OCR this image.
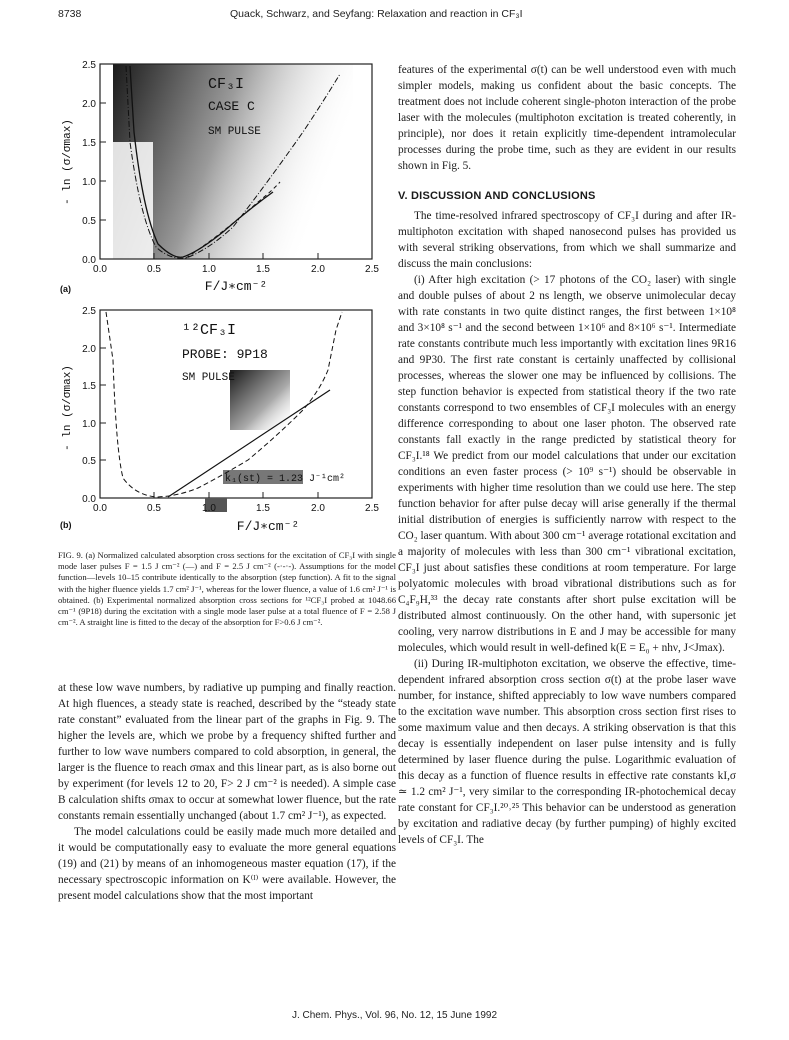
8738	Quack, Schwarz, and Seyfang: Relaxation and reaction in CF₃I
CF₃I
CASE C
SM PULSE
2.5
2.0
1.5
1.0
0.5
0.0
0.0	0.5	1.0	1.5	2.0	2.5
F/J∗cm⁻²
- ln (σ/σmax)
(a)
¹²CF₃I
PROBE: 9P18
SM PULSE
k₁(st) = 1.23 J⁻¹cm²
2.5
2.0
1.5
1.0
0.5
0.0
0.0	0.5	1.0	1.5	2.0	2.5
F/J∗cm⁻²
- ln (σ/σmax)
(b)
FIG. 9. (a) Normalized calculated absorption cross sections for the excitation of CF₃I with single mode laser pulses F = 1.5 J cm⁻² (—) and F = 2.5 J cm⁻² (-·-·-). Assumptions for the model function—levels 10–15 contribute identically to the absorption (step function). A fit to the signal with the higher fluence yields 1.7 cm² J⁻¹, whereas for the lower fluence, a value of 1.6 cm² J⁻¹ is obtained. (b) Experimental normalized absorption cross sections for ¹²CF₃I probed at 1048.66 cm⁻¹ (9P18) during the excitation with a single mode laser pulse at a total fluence of F = 2.58 J cm⁻². A straight line is fitted to the decay of the absorption for F>0.6 J cm⁻².

at these low wave numbers, by radiative up pumping and finally reaction. At high fluences, a steady state is reached, described by the “steady state rate constant” evaluated from the linear part of the graphs in Fig. 9. The higher the levels are, which we probe by a frequency shifted further and further to low wave numbers compared to cold absorption, in general, the larger is the fluence to reach σmax and this linear part, as is also borne out by experiment (for levels 12 to 20, F> 2 J cm⁻² is needed). A simple case B calculation shifts σmax to occur at somewhat lower fluence, but the rate constants remain essentially unchanged (about 1.7 cm² J⁻¹), as expected.

The model calculations could be easily made much more detailed and it would be computationally easy to evaluate the more general equations (19) and (21) by means of an inhomogeneous master equation (17), if the necessary spectroscopic information on K⁽ᴵ⁾ were available. However, the present model calculations show that the most important

features of the experimental σ(t) can be well understood even with much simpler models, making us confident about the basic concepts. The treatment does not include coherent single-photon interaction of the probe laser with the molecules (multiphoton excitation is treated coherently, in principle), nor does it retain explicitly time-dependent intramolecular processes during the probe time, such as they are evident in our results shown in Fig. 5.

V. DISCUSSION AND CONCLUSIONS

The time-resolved infrared spectroscopy of CF₃I during and after IR-multiphoton excitation with shaped nanosecond pulses has provided us with several striking observations, from which we shall summarize and discuss the main conclusions:

(i) After high excitation (> 17 photons of the CO₂ laser) with single and double pulses of about 2 ns length, we observe unimolecular decay with rate constants in two quite distinct ranges, the first between 1×10⁸ and 3×10⁸ s⁻¹ and the second between 1×10⁶ and 8×10⁶ s⁻¹. Intermediate rate constants contribute much less importantly with excitation lines 9R16 and 9P30. The first rate constant is certainly unaffected by collisional processes, whereas the slower one may be influenced by collisions. The step function behavior is expected from statistical theory if the two rate constants correspond to two ensembles of CF₃I molecules with an energy difference corresponding to about one laser photon. The observed rate constants fall exactly in the range predicted by statistical theory for CF₃I.¹⁸ We predict from our model calculations that under our excitation conditions an even faster process (> 10⁹ s⁻¹) should be observable in experiments with higher time resolution than we could use here. The step function behavior for after pulse decay will arise generally if the thermal initial distribution of energies is sufficiently narrow with respect to the CO₂ laser quantum. With about 300 cm⁻¹ average rotational excitation and a majority of molecules with less than 300 cm⁻¹ vibrational excitation, CF₃I just about satisfies these conditions at room temperature. For large polyatomic molecules with broad vibrational distributions such as for C₄F₉H,³³ the decay rate constants after short pulse excitation will be distributed almost continuously. On the other hand, with supersonic jet cooling, very narrow distributions in E and J may be accessible for many molecules, which would result in well-defined k(E = E₀ + nhν, J<Jmax).

(ii) During IR-multiphoton excitation, we observe the effective, time-dependent infrared absorption cross section σ(t) at the probe laser wave number, for instance, shifted appreciably to low wave numbers compared to the excitation wave number. This absorption cross section first rises to some maximum value and then decays. A striking observation is that this decay is essentially independent on laser pulse intensity and is fully determined by laser fluence during the pulse. Logarithmic evaluation of this decay as a function of fluence results in effective rate constants kI,σ ≃ 1.2 cm² J⁻¹, very similar to the corresponding IR-photochemical decay rate constant for CF₃I.²⁰˒²⁵ This behavior can be understood as generation by excitation and radiative decay (by further pumping) of highly excited levels of CF₃I. The

J. Chem. Phys., Vol. 96, No. 12, 15 June 1992
